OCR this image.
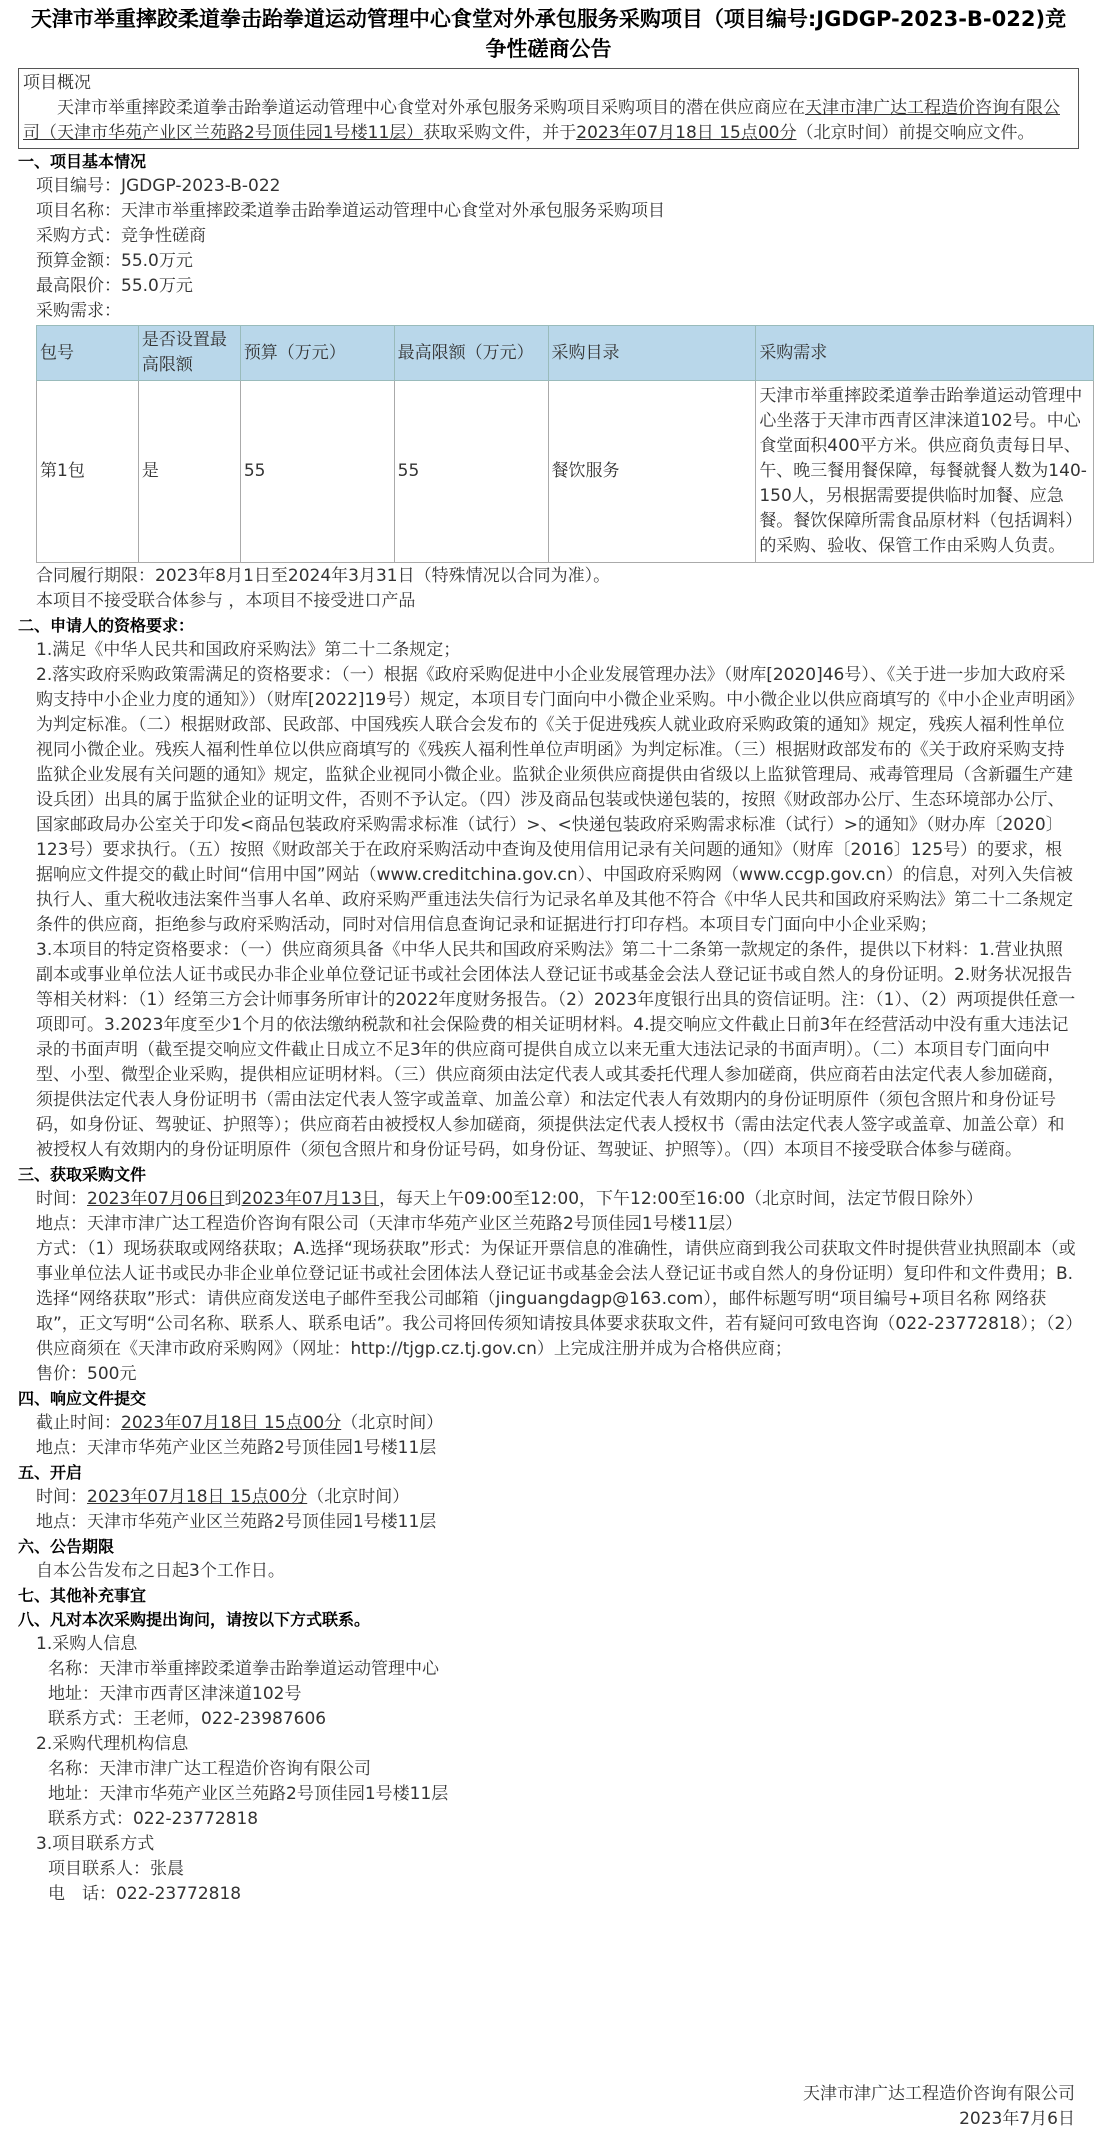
天津市举重摔跤柔道拳击跆拳道运动管理中心食堂对外承包服务采购项目（项目编号:JGDGP-2023-B-022)竞争性磋商公告
项目概况
天津市举重摔跤柔道拳击跆拳道运动管理中心食堂对外承包服务采购项目采购项目的潜在供应商应在天津市津广达工程造价咨询有限公司（天津市华苑产业区兰苑路2号顶佳园1号楼11层）获取采购文件，并于2023年07月18日 15点00分（北京时间）前提交响应文件。
一、项目基本情况
项目编号：JGDGP-2023-B-022
项目名称：天津市举重摔跤柔道拳击跆拳道运动管理中心食堂对外承包服务采购项目
采购方式：竞争性磋商
预算金额：55.0万元
最高限价：55.0万元
采购需求：
包号	是否设置最高限额	预算（万元）	最高限额（万元）	采购目录	采购需求
第1包	是	55	55	餐饮服务	天津市举重摔跤柔道拳击跆拳道运动管理中心坐落于天津市西青区津涞道102号。中心食堂面积400平方米。供应商负责每日早、午、晚三餐用餐保障，每餐就餐人数为140-150人，另根据需要提供临时加餐、应急餐。餐饮保障所需食品原材料（包括调料）的采购、验收、保管工作由采购人负责。
合同履行期限：2023年8月1日至2024年3月31日（特殊情况以合同为准）。
本项目不接受联合体参与 ，本项目不接受进口产品
二、申请人的资格要求：
1.满足《中华人民共和国政府采购法》第二十二条规定；
2.落实政府采购政策需满足的资格要求：（一）根据《政府采购促进中小企业发展管理办法》（财库[2020]46号）、《关于进一步加大政府采购支持中小企业力度的通知》）（财库[2022]19号）规定，本项目专门面向中小微企业采购。中小微企业以供应商填写的《中小企业声明函》为判定标准。（二）根据财政部、民政部、中国残疾人联合会发布的《关于促进残疾人就业政府采购政策的通知》规定，残疾人福利性单位视同小微企业。残疾人福利性单位以供应商填写的《残疾人福利性单位声明函》为判定标准。（三）根据财政部发布的《关于政府采购支持监狱企业发展有关问题的通知》规定，监狱企业视同小微企业。监狱企业须供应商提供由省级以上监狱管理局、戒毒管理局（含新疆生产建设兵团）出具的属于监狱企业的证明文件，否则不予认定。（四）涉及商品包装或快递包装的，按照《财政部办公厅、生态环境部办公厅、国家邮政局办公室关于印发<商品包装政府采购需求标准（试行）>、<快递包装政府采购需求标准（试行）>的通知》（财办库〔2020〕123号）要求执行。（五）按照《财政部关于在政府采购活动中查询及使用信用记录有关问题的通知》（财库〔2016〕125号）的要求，根据响应文件提交的截止时间“信用中国”网站（www.creditchina.gov.cn）、中国政府采购网（www.ccgp.gov.cn）的信息，对列入失信被执行人、重大税收违法案件当事人名单、政府采购严重违法失信行为记录名单及其他不符合《中华人民共和国政府采购法》第二十二条规定条件的供应商，拒绝参与政府采购活动，同时对信用信息查询记录和证据进行打印存档。本项目专门面向中小企业采购；
3.本项目的特定资格要求：（一）供应商须具备《中华人民共和国政府采购法》第二十二条第一款规定的条件，提供以下材料：1.营业执照副本或事业单位法人证书或民办非企业单位登记证书或社会团体法人登记证书或基金会法人登记证书或自然人的身份证明。2.财务状况报告等相关材料：（1）经第三方会计师事务所审计的2022年度财务报告。（2）2023年度银行出具的资信证明。注：（1）、（2）两项提供任意一项即可。3.2023年度至少1个月的依法缴纳税款和社会保险费的相关证明材料。4.提交响应文件截止日前3年在经营活动中没有重大违法记录的书面声明（截至提交响应文件截止日成立不足3年的供应商可提供自成立以来无重大违法记录的书面声明）。（二）本项目专门面向中型、小型、微型企业采购，提供相应证明材料。（三）供应商须由法定代表人或其委托代理人参加磋商，供应商若由法定代表人参加磋商，须提供法定代表人身份证明书（需由法定代表人签字或盖章、加盖公章）和法定代表人有效期内的身份证明原件（须包含照片和身份证号码，如身份证、驾驶证、护照等）；供应商若由被授权人参加磋商，须提供法定代表人授权书（需由法定代表人签字或盖章、加盖公章）和被授权人有效期内的身份证明原件（须包含照片和身份证号码，如身份证、驾驶证、护照等）。（四）本项目不接受联合体参与磋商。
三、获取采购文件
时间：2023年07月06日到2023年07月13日，每天上午09:00至12:00，下午12:00至16:00（北京时间，法定节假日除外）
地点：天津市津广达工程造价咨询有限公司（天津市华苑产业区兰苑路2号顶佳园1号楼11层）
方式：（1）现场获取或网络获取；A.选择“现场获取”形式：为保证开票信息的准确性，请供应商到我公司获取文件时提供营业执照副本（或事业单位法人证书或民办非企业单位登记证书或社会团体法人登记证书或基金会法人登记证书或自然人的身份证明）复印件和文件费用；B.选择“网络获取”形式：请供应商发送电子邮件至我公司邮箱（jinguangdagp@163.com），邮件标题写明“项目编号+项目名称 网络获取”，正文写明“公司名称、联系人、联系电话”。我公司将回传须知请按具体要求获取文件，若有疑问可致电咨询（022-23772818）；（2）供应商须在《天津市政府采购网》（网址：http://tjgp.cz.tj.gov.cn）上完成注册并成为合格供应商；
售价：500元
四、响应文件提交
截止时间：2023年07月18日 15点00分（北京时间）
地点：天津市华苑产业区兰苑路2号顶佳园1号楼11层
五、开启
时间：2023年07月18日 15点00分（北京时间）
地点：天津市华苑产业区兰苑路2号顶佳园1号楼11层
六、公告期限
自本公告发布之日起3个工作日。
七、其他补充事宜
八、凡对本次采购提出询问，请按以下方式联系。
1.采购人信息
名称：天津市举重摔跤柔道拳击跆拳道运动管理中心
地址：天津市西青区津涞道102号
联系方式：王老师，022-23987606
2.采购代理机构信息
名称：天津市津广达工程造价咨询有限公司
地址：天津市华苑产业区兰苑路2号顶佳园1号楼11层
联系方式：022-23772818
3.项目联系方式
项目联系人：张晨
电　话：022-23772818
天津市津广达工程造价咨询有限公司
2023年7月6日
